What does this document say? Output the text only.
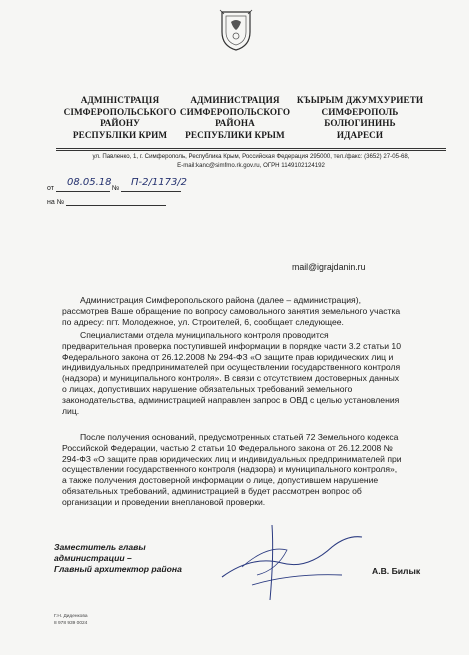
АДМIНIСТРАЦIЯ
СIМФЕРОПОЛЬСЬКОГО
РАЙОНУ
РЕСПУБЛIКИ КРИМ
АДМИНИСТРАЦИЯ
СИМФЕРОПОЛЬСКОГО
РАЙОНА
РЕСПУБЛИКИ КРЫМ
КЪЫРЫМ ДЖУМХУРИЕТИ
СИМФЕРОПОЛЬ
БОЛЮГИНИНЬ
ИДАРЕСИ
ул. Павленко, 1, г. Симферополь, Республика Крым, Российская Федерация 295000, тел./факс: (3652) 27-05-68,
E-mail:kanc@simfmo.rk.gov.ru, ОГРН 1149102124192
от	№
08.05.18 П-2/1173/2
на №
mail@igrajdanin.ru
Администрация Симферопольского района (далее – администрация),
рассмотрев Ваше обращение по вопросу самовольного занятия земельного участка
по адресу: пгт. Молодежное, ул. Строителей, 6, сообщает следующее.
Специалистами отдела муниципального контроля проводится
предварительная проверка поступившей информации в порядке части 3.2 статьи 10
Федерального закона от 26.12.2008 № 294-ФЗ «О защите прав юридических лиц и
индивидуальных предпринимателей при осуществлении государственного контроля
(надзора) и муниципального контроля». В связи с отсутствием достоверных данных
о лицах, допустивших нарушение обязательных требований земельного
законодательства, администрацией направлен запрос в ОВД с целью установления
лиц.
После получения оснований, предусмотренных статьей 72 Земельного кодекса
Российской Федерации, частью 2 статьи 10 Федерального закона от 26.12.2008 №
294-ФЗ «О защите прав юридических лиц и индивидуальных предпринимателей при
осуществлении государственного контроля (надзора) и муниципального контроля»,
а также получения достоверной информации о лице, допустившем нарушение
обязательных требований, администрацией в будет рассмотрен вопрос об
организации и проведении внеплановой проверки.
Заместитель главы
администрации –
Главный архитектор района	А.В. Билык
Г.Н. Диденкова
8 978 939 0024
